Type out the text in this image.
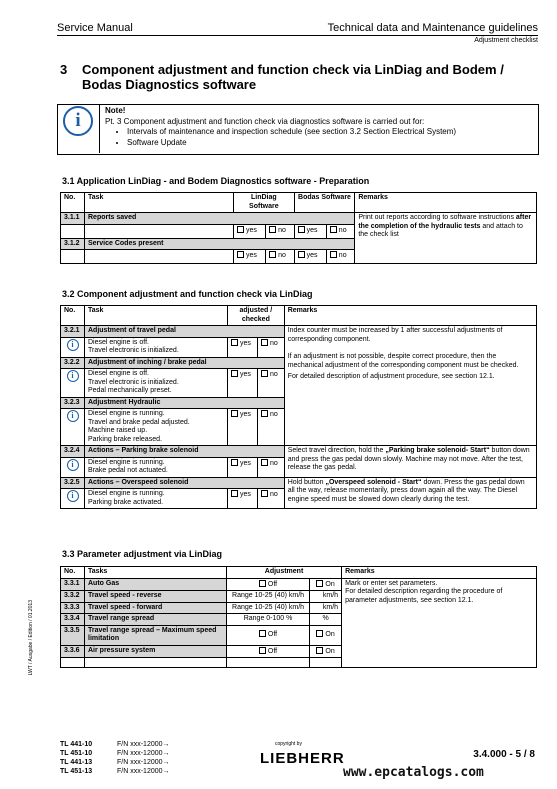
Service Manual	Technical data and Maintenance guidelines
Adjustment checklist
3 Component adjustment and function check via LinDiag and Bodem / Bodas Diagnostics software
i	Note!
Pt. 3 Component adjustment and function check via diagnostics software is carried out for:
• Intervals of maintenance and inspection schedule (see section 3.2 Section Electrical System)
• Software Update
3.1 Application LinDiag - and Bodem Diagnostics software - Preparation
No.	Task	LinDiag Software		Bodas Software		Remarks
3.1.1	Reports saved					Print out reports according to software instructions after the completion of the hydraulic tests and attach to the check list
		yes	no	yes	no	
3.1.2	Service Codes present					
		yes	no	yes	no	
3.2 Component adjustment and function check via LinDiag
No.	Task	adjusted / checked		Remarks
3.2.1	Adjustment of travel pedal			Index counter must be increased by 1 after successful adjustments of corresponding component.
If an adjustment is not possible, despite correct procedure, then the mechanical adjustment of the corresponding component must be checked.
For detailed description of adjustment procedure, see section 12.1.

i	Diesel engine is off.
Travel electronic is initialized.	yes	no	
3.2.2	Adjustment of inching / brake pedal			
i	Diesel engine is off.
Travel electronic is initialized.
Pedal mechanically preset.	yes	no	
3.2.3	Adjustment Hydraulic			
i	Diesel engine is running.
Travel and brake pedal adjusted.
Machine raised up.
Parking brake released.	yes	no	
3.2.4	Actions – Parking brake solenoid			Select travel direction, hold the „Parking brake solenoid- Start“ button down and press the gas pedal down slowly. Machine may not move. After the test, release the gas pedal.
i	Diesel engine is running.
Brake pedal not actuated.	yes	no	
3.2.5	Actions – Overspeed solenoid			Hold button „Overspeed solenoid - Start“ down. Press the gas pedal down all the way, release momentarily, press down again all the way. The Diesel engine speed must be slowed down clearly during the test.
i	Diesel engine is running.
Parking brake activated.	yes	no	
3.3 Parameter adjustment via LinDiag
No.	Tasks	Adjustment		Remarks
3.3.1	Auto Gas	Off	On	Mark or enter set parameters.
For detailed description regarding the procedure of parameter adjustments, see section 12.1.

3.3.2	Travel speed - reverse	Range 10-25 (40) km/h	km/h	
3.3.3	Travel speed - forward	Range 10-25 (40) km/h	km/h	
3.3.4	Travel range spread	Range 0-100 %	%	
3.3.5	Travel range spread – Maximum speed limitation	Off	On	
3.3.6	Air pressure system	Off	On	

LWT / Ausgabe / Edition / 01.2013
TL 441-10
TL 451-10
TL 441-13
TL 451-13
F/N xxx-12000→
F/N xxx-12000→
F/N xxx-12000→
F/N xxx-12000→
copyright by
LIEBHERR	3.4.000 - 5 / 8
www.epcatalogs.com
